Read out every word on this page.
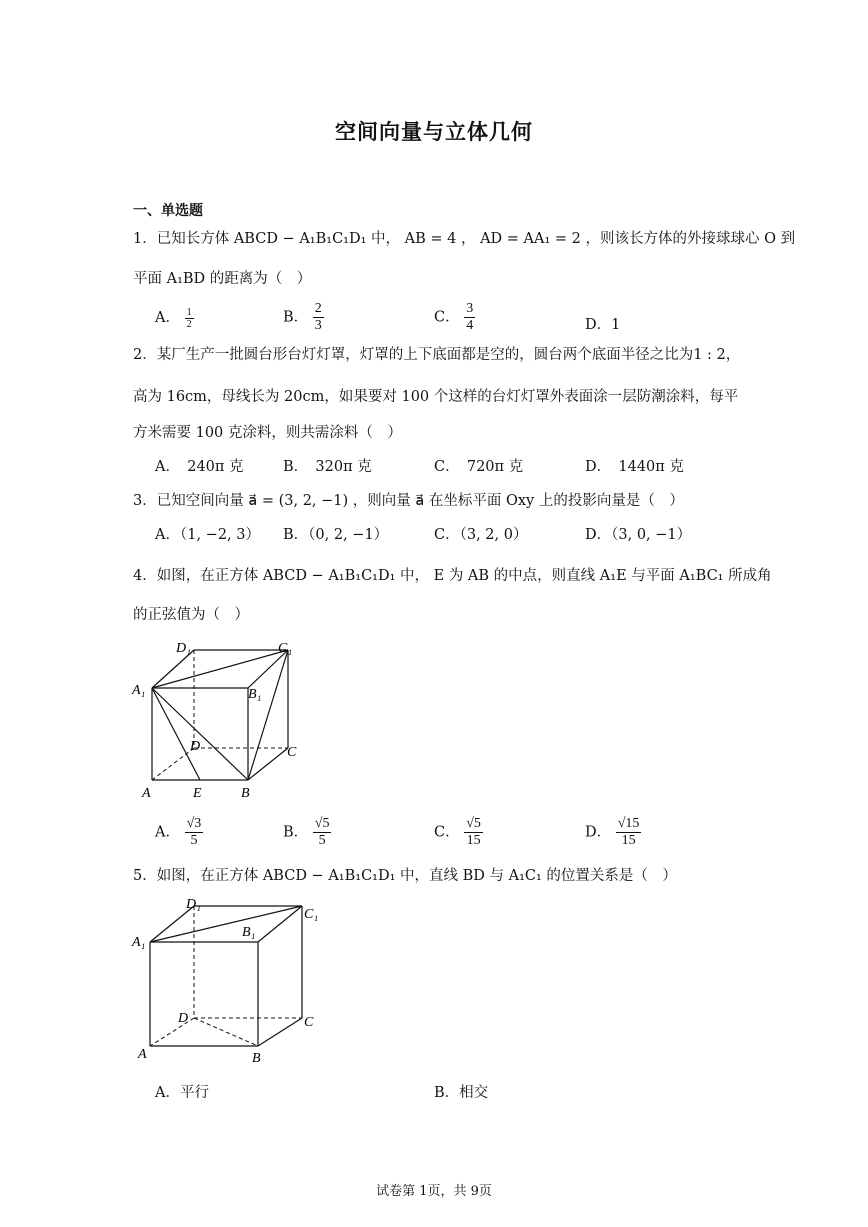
空间向量与立体几何
一、单选题
1．已知长方体 ABCD − A₁B₁C₁D₁ 中， AB = 4 ， AD = AA₁ = 2 ，则该长方体的外接球球心 O 到
平面 A₁BD 的距离为（　）
A． $\frac{1}{2}$	B． $\frac{2}{3}$	C． $\frac{3}{4}$	D．1
2．某厂生产一批圆台形台灯灯罩，灯罩的上下底面都是空的，圆台两个底面半径之比为1 : 2，
高为 16cm，母线长为 20cm，如果要对 100 个这样的台灯灯罩外表面涂一层防潮涂料，每平
方米需要 100 克涂料，则共需涂料（　）
A．　240π 克	B．　320π 克	C．　720π 克	D．　1440π 克
3．已知空间向量 a⃗ = (3, 2, −1) ，则向量 a⃗ 在坐标平面 Oxy 上的投影向量是（　）
A．（1, −2, 3） B．（0, 2, −1）	C．（3, 2, 0）	D．（3, 0, −1）
4．如图，在正方体 ABCD − A₁B₁C₁D₁ 中， E 为 AB 的中点，则直线 A₁E 与平面 A₁BC₁ 所成角
的正弦值为（　）
D₁	C₁
A₁	B₁
D	C
A	E	B
A． $\frac{√3}{5}$	B． $\frac{√5}{5}$	C． $\frac{√5}{15}$	D． $\frac{√15}{15}$
5．如图，在正方体 ABCD − A₁B₁C₁D₁ 中，直线 BD 与 A₁C₁ 的位置关系是（　）
D₁
C₁
A₁
B₁
D	C
A	B
A．平行	B．相交
试卷第 1页，共 9页
